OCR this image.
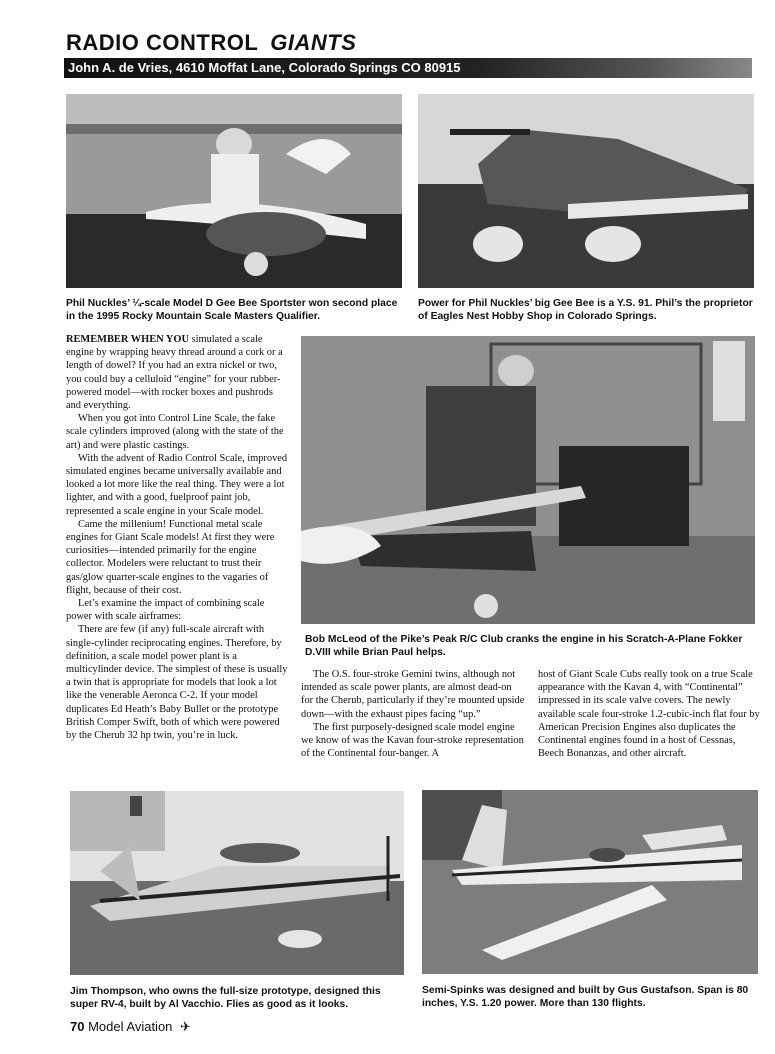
RADIO CONTROL GIANTS
John A. de Vries, 4610 Moffat Lane, Colorado Springs CO 80915
Phil Nuckles’ ¼-scale Model D Gee Bee Sportster won second place in the 1995 Rocky Mountain Scale Masters Qualifier.
Power for Phil Nuckles’ big Gee Bee is a Y.S. 91. Phil’s the proprietor of Eagles Nest Hobby Shop in Colorado Springs.

REMEMBER WHEN YOU simulated a scale engine by wrapping heavy thread around a cork or a length of dowel? If you had an extra nickel or two, you could buy a celluloid “engine” for your rubber-powered model—with rocker boxes and pushrods and everything.

When you got into Control Line Scale, the fake scale cylinders improved (along with the state of the art) and were plastic castings.

With the advent of Radio Control Scale, improved simulated engines became universally available and looked a lot more like the real thing. They were a lot lighter, and with a good, fuelproof paint job, represented a scale engine in your Scale model.

Came the millenium! Functional metal scale engines for Giant Scale models! At first they were curiosities—intended primarily for the engine collector. Modelers were reluctant to trust their gas/glow quarter-scale engines to the vagaries of flight, because of their cost.

Let’s examine the impact of combining scale power with scale airframes:

There are few (if any) full-scale aircraft with single-cylinder reciprocating engines. Therefore, by definition, a scale model power plant is a multicylinder device. The simplest of these is usually a twin that is appropriate for models that look a lot like the venerable Aeronca C-2. If your model duplicates Ed Heath’s Baby Bullet or the prototype British Comper Swift, both of which were powered by the Cherub 32 hp twin, you’re in luck.

Bob McLeod of the Pike’s Peak R/C Club cranks the engine in his Scratch-A-Plane Fokker D.VIII while Brian Paul helps.

The O.S. four-stroke Gemini twins, although not intended as scale power plants, are almost dead-on for the Cherub, particularly if they’re mounted upside down—with the exhaust pipes facing “up.”

The first purposely-designed scale model engine we know of was the Kavan four-stroke representation of the Continental four-banger. A

host of Giant Scale Cubs really took on a true Scale appearance with the Kavan 4, with “Continental” impressed in its scale valve covers. The newly available scale four-stroke 1.2-cubic-inch flat four by American Precision Engines also duplicates the Continental engines found in a host of Cessnas, Beech Bonanzas, and other aircraft.

Jim Thompson, who owns the full-size prototype, designed this super RV-4, built by Al Vacchio. Flies as good as it looks.
Semi-Spinks was designed and built by Gus Gustafson. Span is 80 inches, Y.S. 1.20 power. More than 130 flights.
70 Model Aviation ✈
